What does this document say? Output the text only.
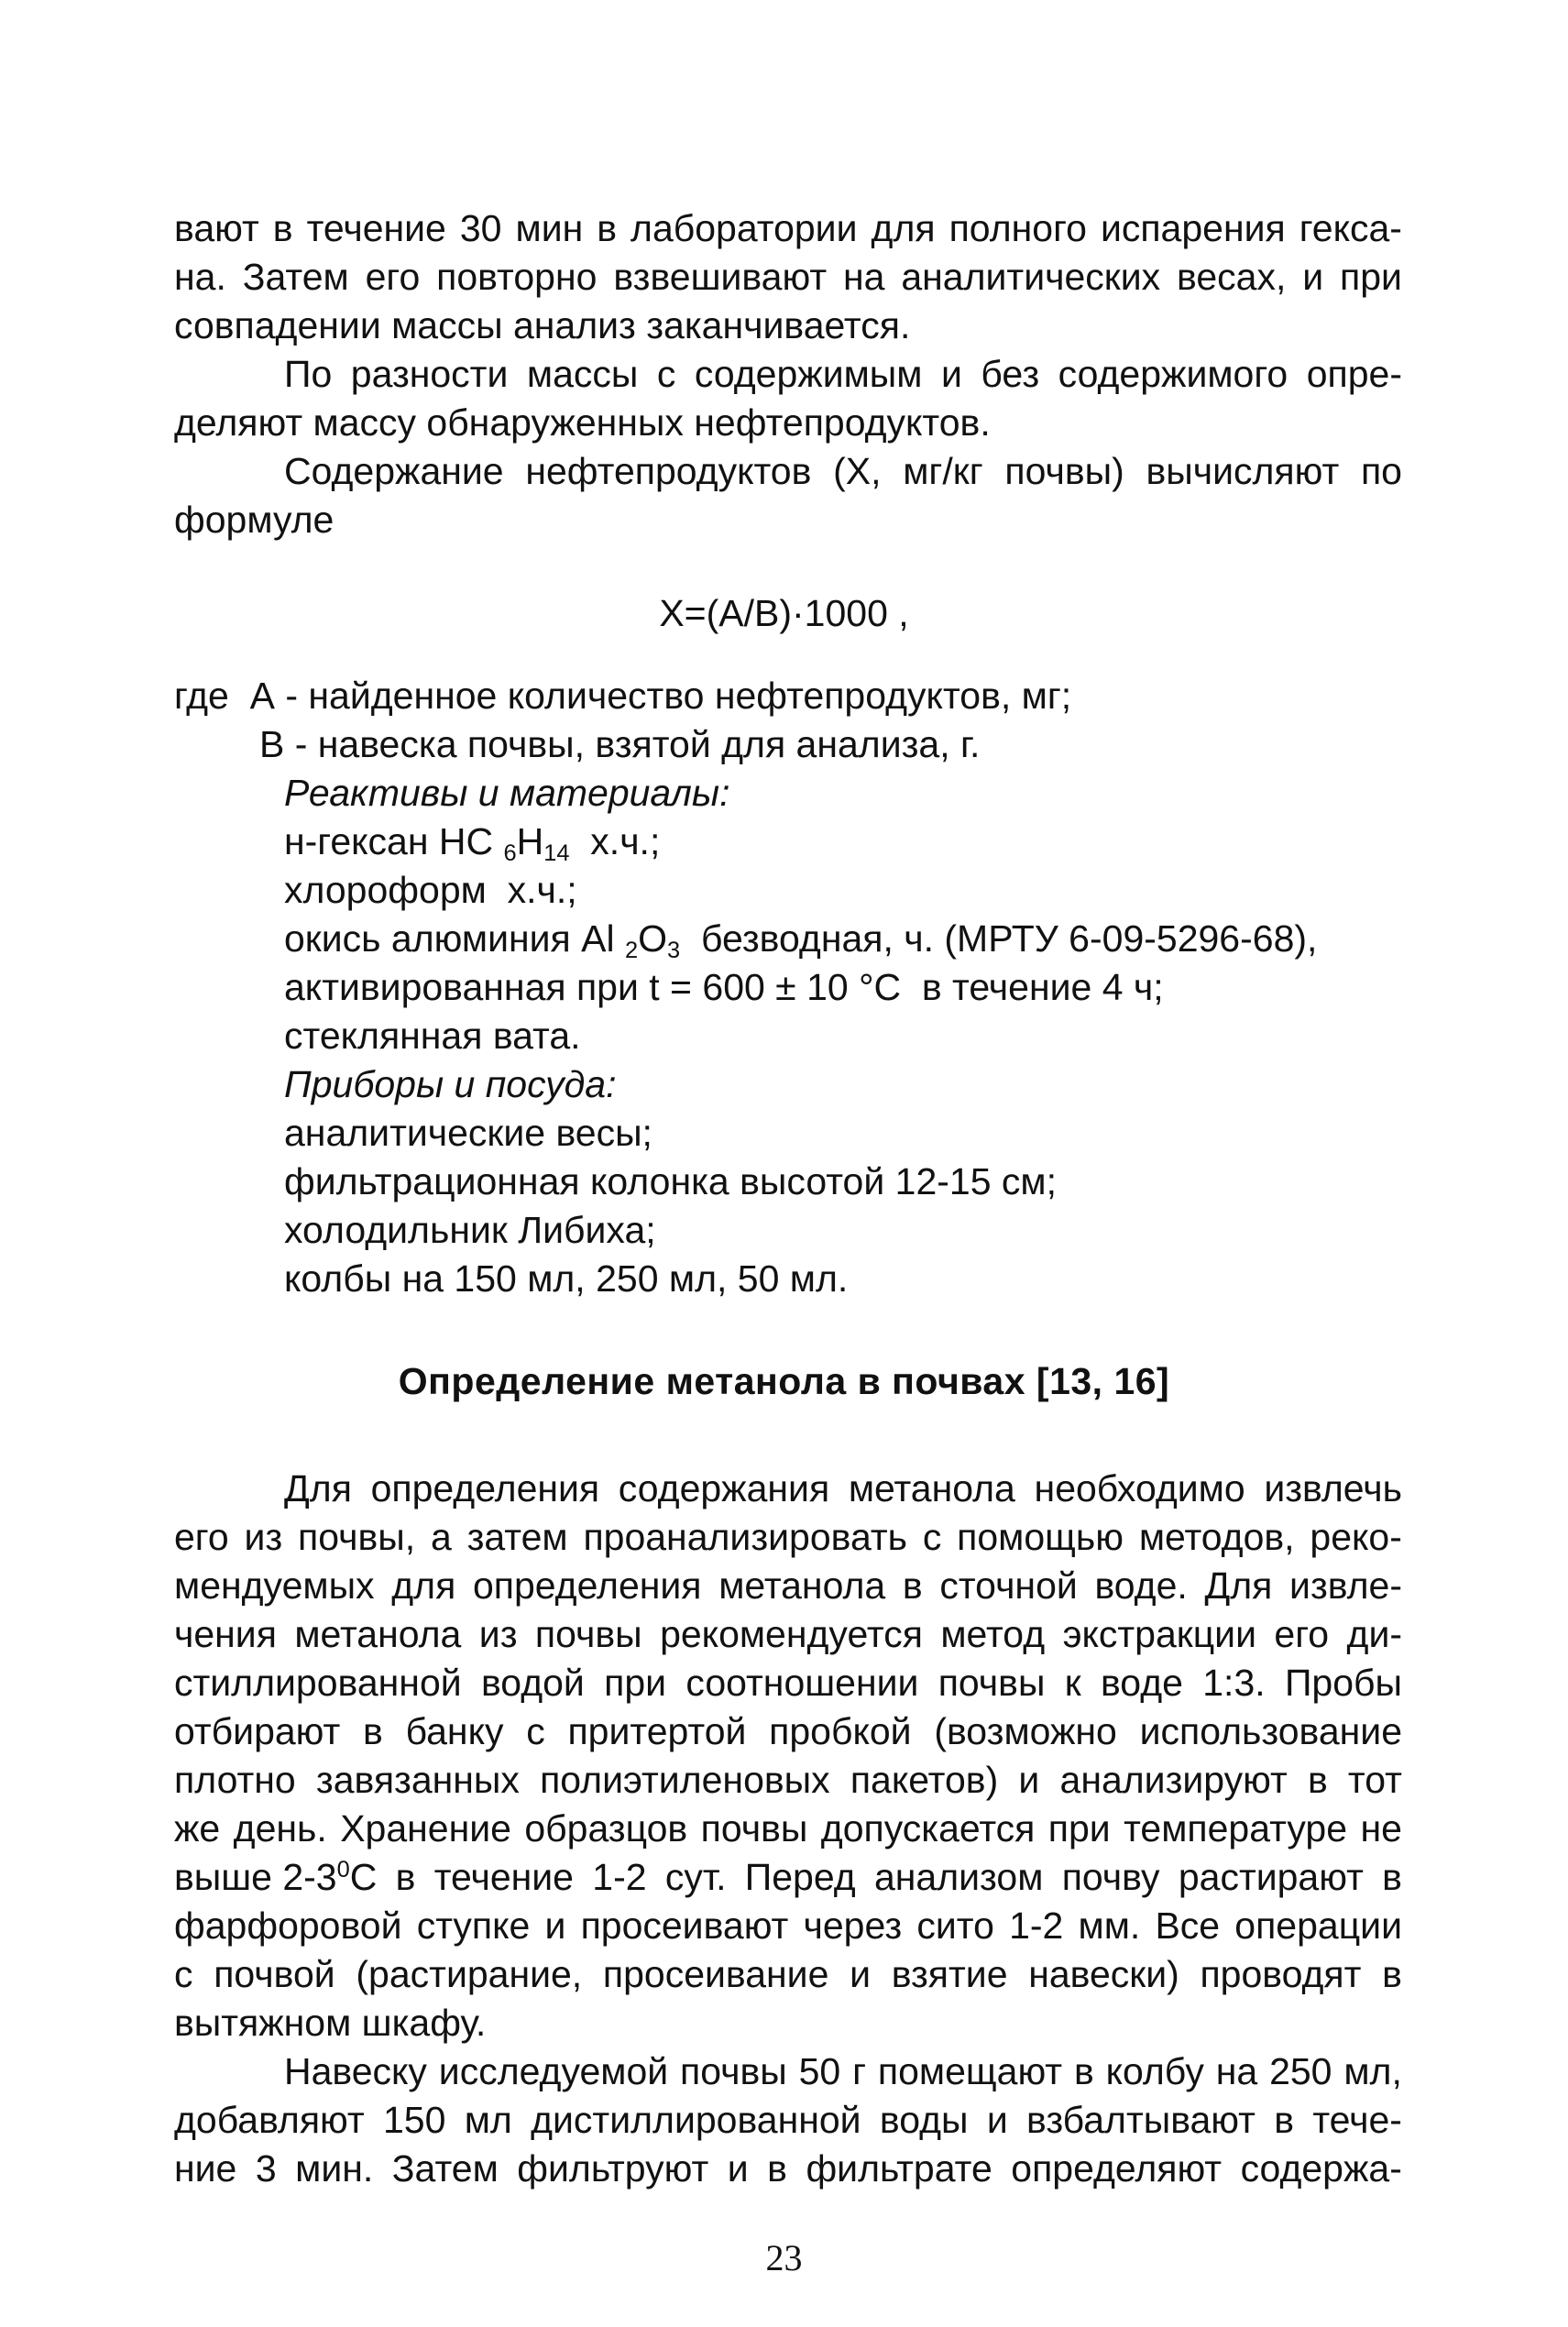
вают в течение 30 мин в лаборатории для полного испарения гекса-
на. Затем его повторно взвешивают на аналитических весах, и при
совпадении массы анализ заканчивается.
По разности массы с содержимым и без содержимого опре-
деляют массу обнаруженных нефтепродуктов.
Содержание нефтепродуктов (X, мг/кг почвы) вычисляют по
формуле
X=(A/B)·1000 ,
где  А - найденное количество нефтепродуктов, мг;
В - навеска почвы, взятой для анализа, г.
Реактивы и материалы:
н-гексан НС $_6Н_{14}$  х.ч.;
хлороформ  х.ч.;
окись алюминия Al $_2O_3$  безводная, ч. (МРТУ 6-09-5296-68),
активированная при t = 600 ± 10 °С  в течение 4 ч;
стеклянная вата.
Приборы и посуда:
аналитические весы;
фильтрационная колонка высотой 12-15 см;
холодильник Либиха;
колбы на 150 мл, 250 мл, 50 мл.
Определение метанола в почвах [13, 16]
Для определения содержания метанола необходимо извлечь
его из почвы, а затем проанализировать с помощью методов, реко-
мендуемых для определения метанола в сточной воде. Для извле-
чения метанола из почвы рекомендуется метод экстракции его ди-
стиллированной водой при соотношении почвы к воде 1:3. Пробы
отбирают в банку с притертой пробкой (возможно использование
плотно завязанных полиэтиленовых пакетов) и анализируют в тот
же день. Хранение образцов почвы допускается при температуре не
выше $2-3^0С$ в течение 1-2 сут. Перед анализом почву растирают в
фарфоровой ступке и просеивают через сито 1-2 мм. Все операции
с почвой (растирание, просеивание и взятие навески) проводят в
вытяжном шкафу.
Навеску исследуемой почвы 50 г помещают в колбу на 250 мл,
добавляют 150 мл дистиллированной воды и взбалтывают в тече-
ние 3 мин. Затем фильтруют и в фильтрате определяют содержа-
23
